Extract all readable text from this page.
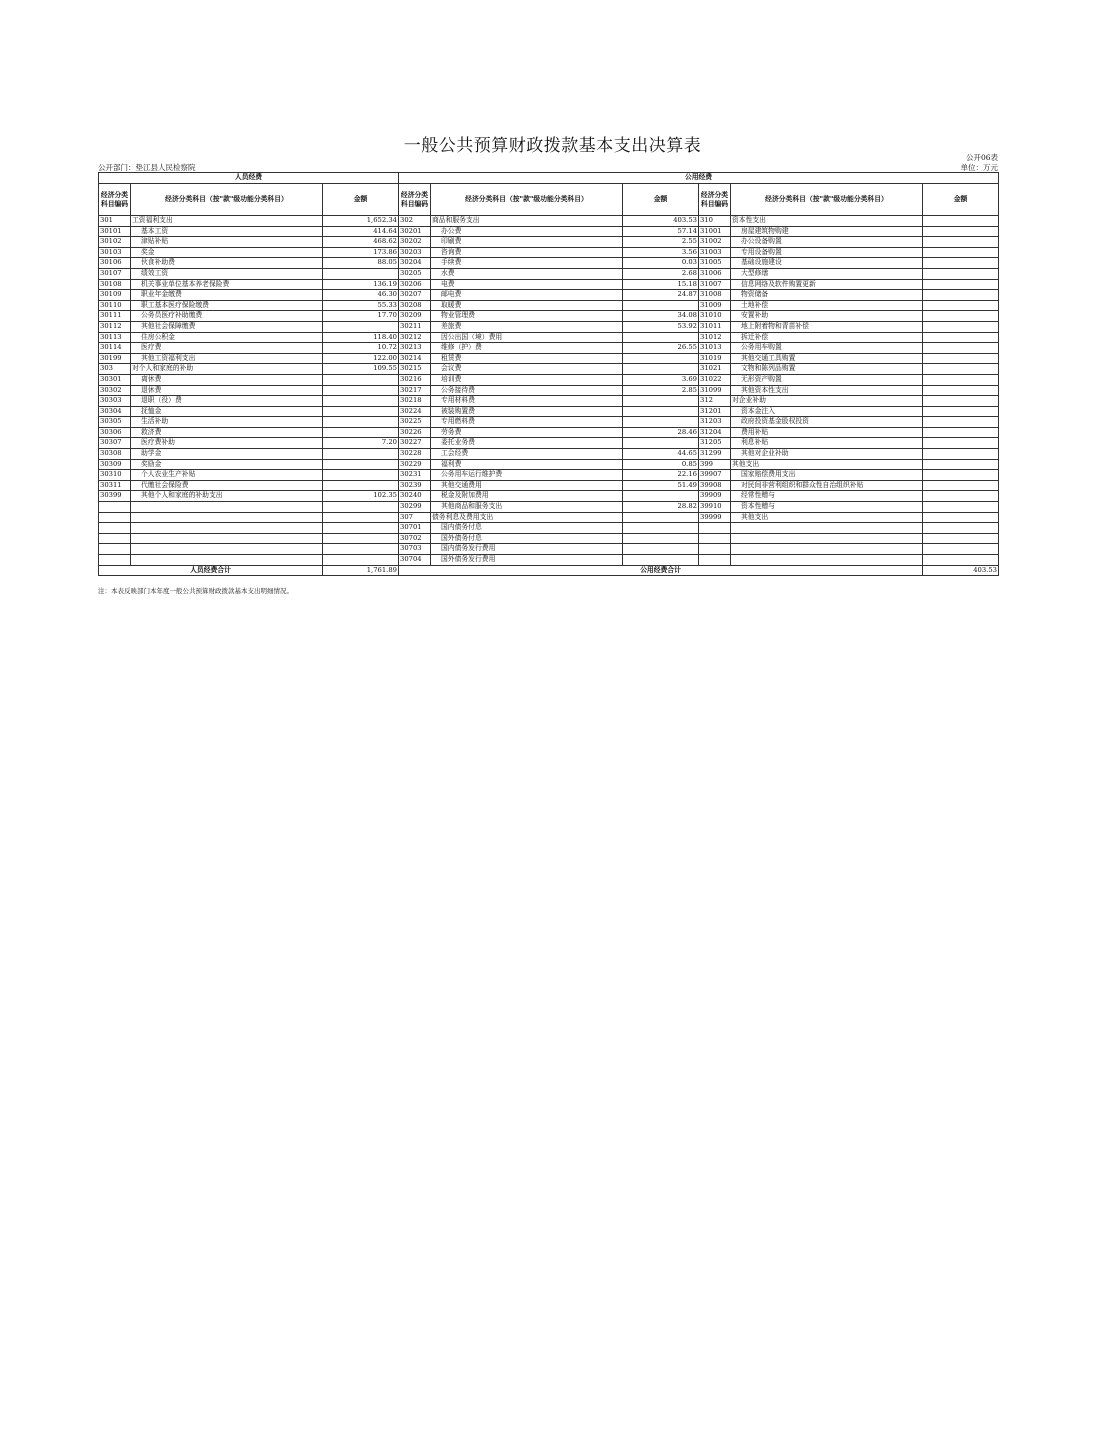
一般公共预算财政拨款基本支出决算表
公开06表
公开部门：垫江县人民检察院	单位：万元
人员经费			公用经费					
经济分类科目编码	经济分类科目（按"款"级功能分类科目）	金额	经济分类科目编码	经济分类科目（按"款"级功能分类科目）	金额	经济分类科目编码	经济分类科目（按"款"级功能分类科目）	金额
301	工资福利支出	1,652.34	302	商品和服务支出	403.53	310	资本性支出	
30101	基本工资	414.64	30201	办公费	57.14	31001	房屋建筑物购建	
30102	津贴补贴	468.62	30202	印刷费	2.55	31002	办公设备购置	
30103	奖金	173.86	30203	咨询费	3.56	31003	专用设备购置	
30106	伙食补助费	88.05	30204	手续费	0.03	31005	基础设施建设	
30107	绩效工资		30205	水费	2.68	31006	大型修缮	
30108	机关事业单位基本养老保险费	136.19	30206	电费	15.18	31007	信息网络及软件购置更新	
30109	职业年金缴费	46.30	30207	邮电费	24.87	31008	物资储备	
30110	职工基本医疗保险缴费	55.33	30208	取暖费		31009	土地补偿	
30111	公务员医疗补助缴费	17.70	30209	物业管理费	34.08	31010	安置补助	
30112	其他社会保障缴费		30211	差旅费	53.92	31011	地上附着物和青苗补偿	
30113	住房公积金	118.40	30212	因公出国（境）费用		31012	拆迁补偿	
30114	医疗费	10.72	30213	维修（护）费	26.55	31013	公务用车购置	
30199	其他工资福利支出	122.00	30214	租赁费		31019	其他交通工具购置	
303	对个人和家庭的补助	109.55	30215	会议费		31021	文物和陈列品购置	
30301	离休费		30216	培训费	3.69	31022	无形资产购置	
30302	退休费		30217	公务接待费	2.85	31099	其他资本性支出	
30303	退职（役）费		30218	专用材料费		312	对企业补助	
30304	抚恤金		30224	被装购置费		31201	资本金注入	
30305	生活补助		30225	专用燃料费		31203	政府投资基金股权投资	
30306	救济费		30226	劳务费	28.46	31204	费用补贴	
30307	医疗费补助	7.20	30227	委托业务费		31205	利息补贴	
30308	助学金		30228	工会经费	44.65	31299	其他对企业补助	
30309	奖励金		30229	福利费	0.85	399	其他支出	
30310	个人农业生产补贴		30231	公务用车运行维护费	22.16	39907	国家赔偿费用支出	
30311	代缴社会保险费		30239	其他交通费用	51.49	39908	对民间非营利组织和群众性自治组织补贴	
30399	其他个人和家庭的补助支出	102.35	30240	税金及附加费用		39909	经常性赠与	
			30299	其他商品和服务支出	28.82	39910	资本性赠与	
			307	债务利息及费用支出		39999	其他支出	
			30701	国内债务付息				
			30702	国外债务付息				
			30703	国内债务发行费用				
			30704	国外债务发行费用				
人员经费合计		1,761.89	公用经费合计					403.53
注：本表反映部门本年度一般公共预算财政拨款基本支出明细情况。
